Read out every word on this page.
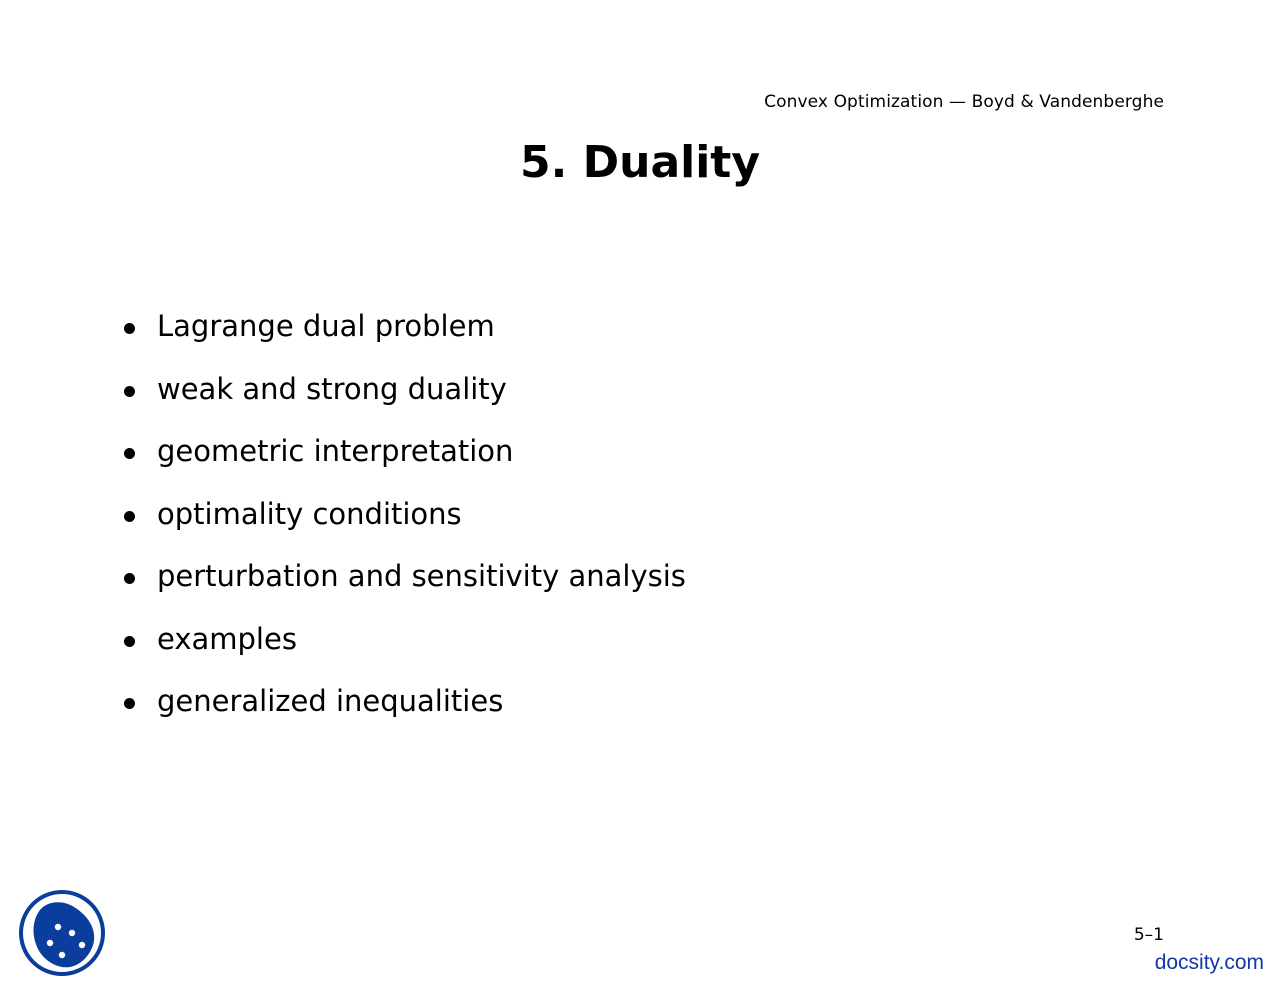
Convex Optimization — Boyd & Vandenberghe
5. Duality
Lagrange dual problem
weak and strong duality
geometric interpretation
optimality conditions
perturbation and sensitivity analysis
examples
generalized inequalities
5–1
docsity.com
